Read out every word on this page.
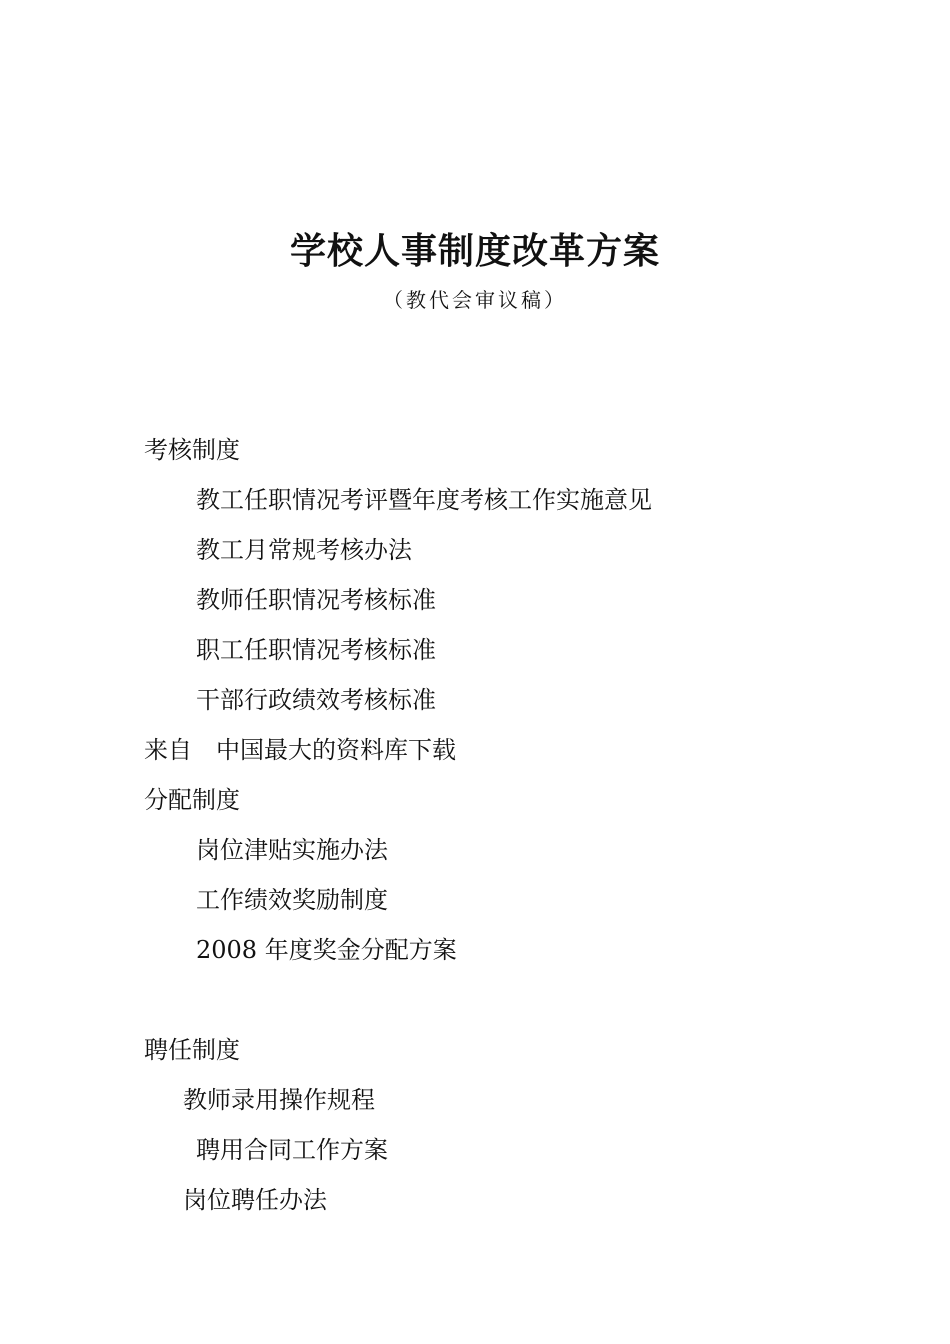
学校人事制度改革方案
（教代会审议稿）
考核制度
教工任职情况考评暨年度考核工作实施意见
教工月常规考核办法
教师任职情况考核标准
职工任职情况考核标准
干部行政绩效考核标准
来自　中国最大的资料库下载
分配制度
岗位津贴实施办法
工作绩效奖励制度
2008 年度奖金分配方案
聘任制度
教师录用操作规程
聘用合同工作方案
岗位聘任办法
